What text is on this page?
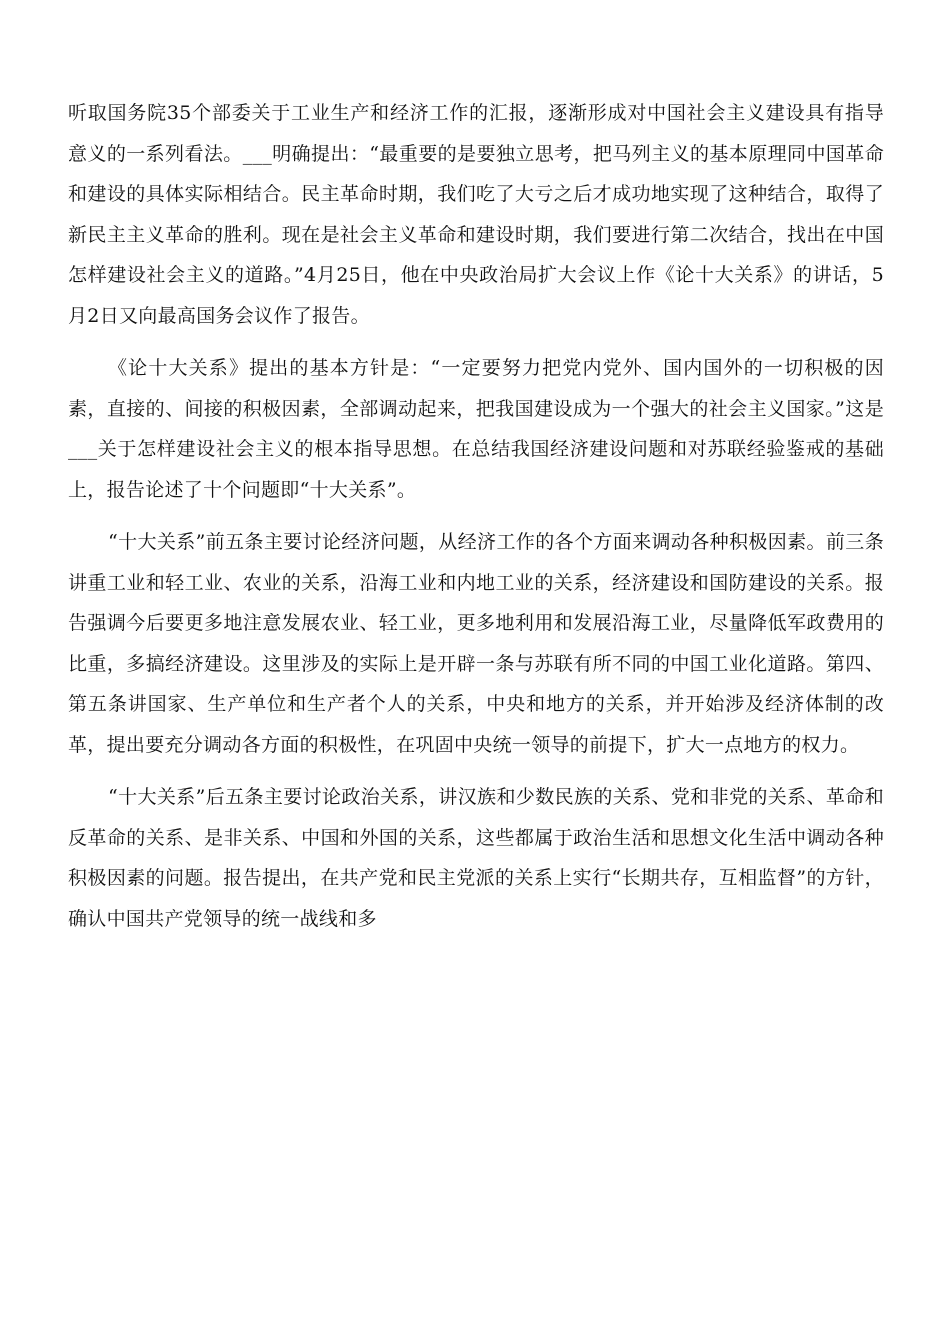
听取国务院35个部委关于工业生产和经济工作的汇报，逐渐形成对中国社会主义建设具有指导意义的一系列看法。___明确提出：“最重要的是要独立思考，把马列主义的基本原理同中国革命和建设的具体实际相结合。民主革命时期，我们吃了大亏之后才成功地实现了这种结合，取得了新民主主义革命的胜利。现在是社会主义革命和建设时期，我们要进行第二次结合，找出在中国怎样建设社会主义的道路。”4月25日，他在中央政治局扩大会议上作《论十大关系》的讲话，5月2日又向最高国务会议作了报告。

《论十大关系》提出的基本方针是：“一定要努力把党内党外、国内国外的一切积极的因素，直接的、间接的积极因素，全部调动起来，把我国建设成为一个强大的社会主义国家。”这是___关于怎样建设社会主义的根本指导思想。在总结我国经济建设问题和对苏联经验鉴戒的基础上，报告论述了十个问题即“十大关系”。

“十大关系”前五条主要讨论经济问题，从经济工作的各个方面来调动各种积极因素。前三条讲重工业和轻工业、农业的关系，沿海工业和内地工业的关系，经济建设和国防建设的关系。报告强调今后要更多地注意发展农业、轻工业，更多地利用和发展沿海工业，尽量降低军政费用的比重，多搞经济建设。这里涉及的实际上是开辟一条与苏联有所不同的中国工业化道路。第四、第五条讲国家、生产单位和生产者个人的关系，中央和地方的关系，并开始涉及经济体制的改革，提出要充分调动各方面的积极性，在巩固中央统一领导的前提下，扩大一点地方的权力。

“十大关系”后五条主要讨论政治关系，讲汉族和少数民族的关系、党和非党的关系、革命和反革命的关系、是非关系、中国和外国的关系，这些都属于政治生活和思想文化生活中调动各种积极因素的问题。报告提出，在共产党和民主党派的关系上实行“长期共存，互相监督”的方针，确认中国共产党领导的统一战线和多
